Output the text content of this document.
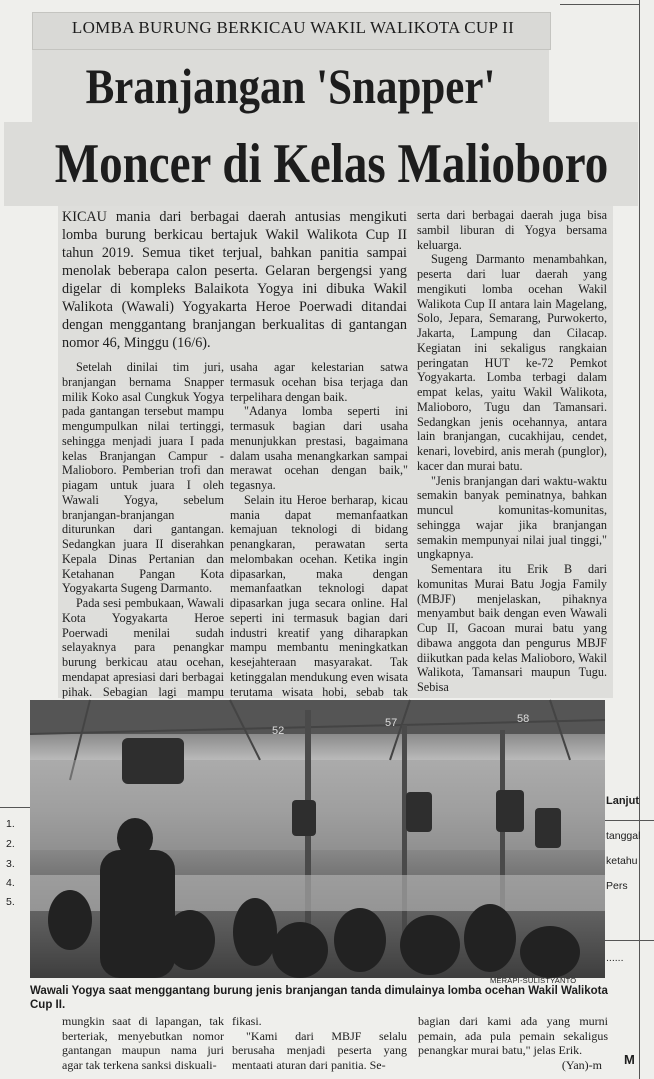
LOMBA BURUNG BERKICAU WAKIL WALIKOTA CUP II
Branjangan 'Snapper'
Moncer di Kelas Malioboro

KICAU mania dari berbagai daerah antusias mengikuti lomba burung berkicau bertajuk Wakil Walikota Cup II tahun 2019. Semua tiket terjual, bahkan panitia sampai menolak beberapa calon peserta. Gelaran bergengsi yang digelar di kompleks Balaikota Yogya ini dibuka Wakil Walikota (Wawali) Yogyakarta Heroe Poerwadi ditandai dengan menggantang branjangan berkualitas di gantangan nomor 46, Minggu (16/6).

Setelah dinilai tim juri, branjangan bernama Snapper milik Koko asal Cungkuk Yogya pada gantangan tersebut mampu mengumpulkan nilai tertinggi, sehingga menjadi juara I pada kelas Branjangan Campur - Malioboro. Pemberian trofi dan piagam untuk juara I oleh Wawali Yogya, sebelum branjangan-branjangan diturunkan dari gantangan. Sedangkan juara II diserahkan Kepala Dinas Pertanian dan Ketahanan Pangan Kota Yogyakarta Sugeng Darmanto.

Pada sesi pembukaan, Wawali Kota Yogyakarta Heroe Poerwadi menilai sudah selayaknya para penangkar burung berkicau atau ocehan, mendapat apresiasi dari berbagai pihak. Sebagian lagi mampu

usaha agar kelestarian satwa termasuk ocehan bisa terjaga dan terpelihara dengan baik.

"Adanya lomba seperti ini termasuk bagian dari usaha menunjukkan prestasi, bagaimana dalam usaha menangkarkan sampai merawat ocehan dengan baik," tegasnya.

Selain itu Heroe berharap, kicau mania dapat memanfaatkan kemajuan teknologi di bidang penangkaran, perawatan serta melombakan ocehan. Ketika ingin dipasarkan, maka dengan memanfaatkan teknologi dapat dipasarkan juga secara online. Hal seperti ini termasuk bagian dari industri kreatif yang diharapkan mampu membantu meningkatkan kesejahteraan masyarakat. Tak ketinggalan mendukung even wisata terutama wisata hobi, sebab tak

serta dari berbagai daerah juga bisa sambil liburan di Yogya bersama keluarga.

Sugeng Darmanto menambahkan, peserta dari luar daerah yang mengikuti lomba ocehan Wakil Walikota Cup II antara lain Magelang, Solo, Jepara, Semarang, Purwokerto, Jakarta, Lampung dan Cilacap. Kegiatan ini sekaligus rangkaian peringatan HUT ke-72 Pemkot Yogyakarta. Lomba terbagi dalam empat kelas, yaitu Wakil Walikota, Malioboro, Tugu dan Tamansari. Sedangkan jenis ocehannya, antara lain branjangan, cucakhijau, cendet, kenari, lovebird, anis merah (punglor), kacer dan murai batu.

"Jenis branjangan dari waktu-waktu semakin banyak peminatnya, bahkan muncul komunitas-komunitas, sehingga wajar jika branjangan semakin mempunyai nilai jual tinggi," ungkapnya.

Sementara itu Erik B dari komunitas Murai Batu Jogja Family (MBJF) menjelaskan, pihaknya menyambut baik dengan even Wawali Cup II, Gacoan murai batu yang dibawa anggota dan pengurus MBJF diikutkan pada kelas Malioboro, Wakil Walikota, Tamansari maupun Tugu. Sebisa

52
57	58
MERAPI-SULISTYANTO

Wawali Yogya saat menggantang burung jenis branjangan tanda dimulainya lomba ocehan Wakil Walikota Cup II.

mungkin saat di lapangan, tak berteriak, menyebutkan nomor gantangan maupun nama juri agar tak terkena sanksi diskuali-

fikasi.

"Kami dari MBJF selalu berusaha menjadi peserta yang mentaati aturan dari panitia. Se-

bagian dari kami ada yang murni pemain, ada pula pemain sekaligus penangkar murai batu," jelas Erik.

(Yan)-m

Lanjut
1.
2.
3.
4.
5.
tanggal
ketahu
Pers
......
M
